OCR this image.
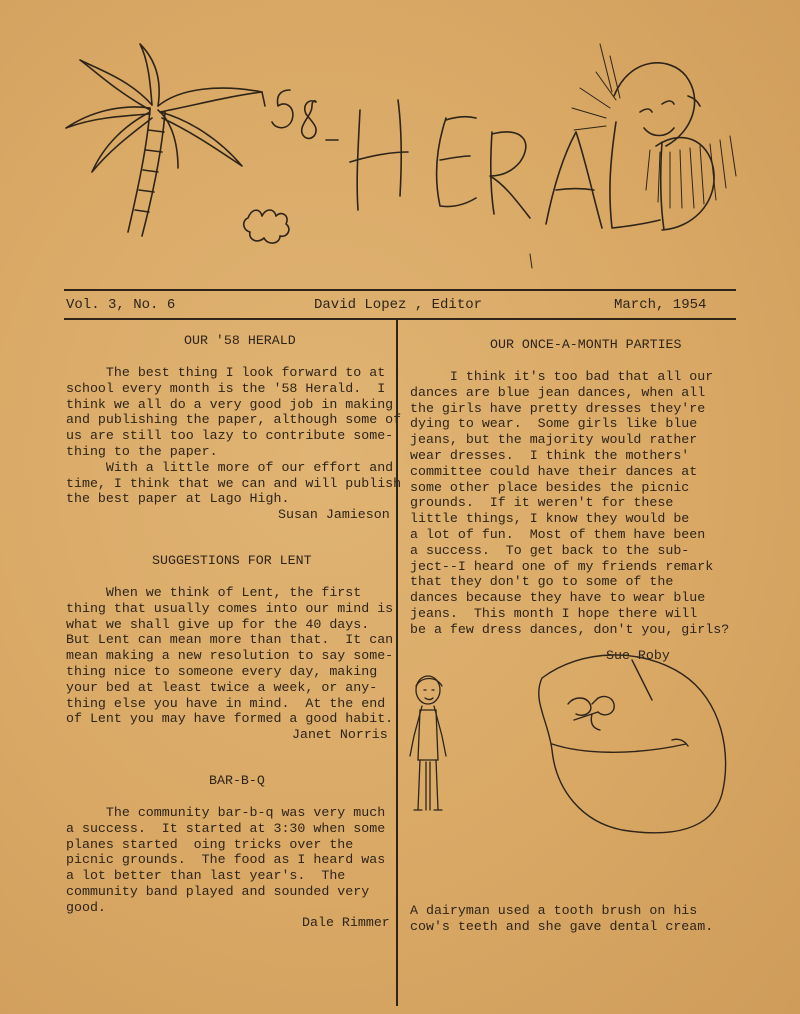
Vol. 3, No. 6	David Lopez , Editor	March, 1954
OUR '58 HERALD

The best thing I look forward to at

school every month is the '58 Herald.  I

think we all do a very good job in making

and publishing the paper, although some of

us are still too lazy to contribute some-

thing to the paper.

With a little more of our effort and

time, I think that we can and will publish

the best paper at Lago High.

Susan Jamieson
SUGGESTIONS FOR LENT

When we think of Lent, the first

thing that usually comes into our mind is

what we shall give up for the 40 days.

But Lent can mean more than that.  It can

mean making a new resolution to say some-

thing nice to someone every day, making

your bed at least twice a week, or any-

thing else you have in mind.  At the end

of Lent you may have formed a good habit.

Janet Norris
BAR-B-Q

The community bar-b-q was very much

a success.  It started at 3:30 when some

planes started  oing tricks over the

picnic grounds.  The food as I heard was

a lot better than last year's.  The

community band played and sounded very

good.

Dale Rimmer
OUR ONCE-A-MONTH PARTIES

I think it's too bad that all our

dances are blue jean dances, when all

the girls have pretty dresses they're

dying to wear.  Some girls like blue

jeans, but the majority would rather

wear dresses.  I think the mothers'

committee could have their dances at

some other place besides the picnic

grounds.  If it weren't for these

little things, I know they would be

a lot of fun.  Most of them have been

a success.  To get back to the sub-

ject--I heard one of my friends remark

that they don't go to some of the

dances because they have to wear blue

jeans.  This month I hope there will

be a few dress dances, don't you, girls?

Sue Roby

A dairyman used a tooth brush on his

cow's teeth and she gave dental cream.
